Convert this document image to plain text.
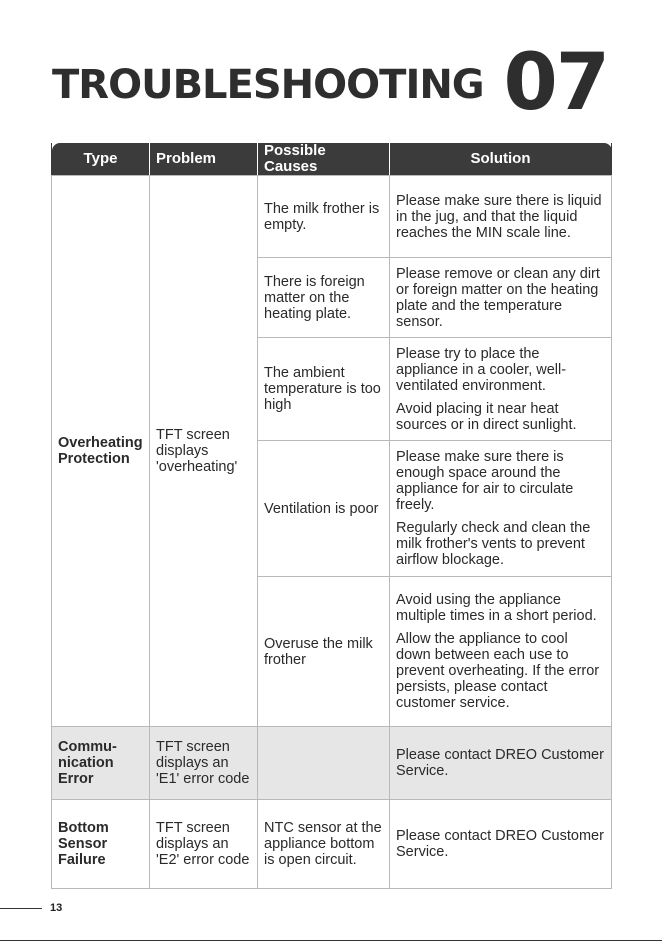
TROUBLESHOOTING 07
Type	Problem	Possible Causes	Solution
Overheating Protection	TFT screen displays 'overheating'	The milk frother is empty.	Please make sure there is liquid in the jug, and that the liquid reaches the MIN scale line.

		There is foreign matter on the heating plate.	Please remove or clean any dirt or foreign matter on the heating plate and the temperature sensor.

		The ambient temperature is too high	Please try to place the appliance in a cooler, well-ventilated environment.

Avoid placing it near heat sources or in direct sunlight.

		Ventilation is poor	Please make sure there is enough space around the appliance for air to circulate freely.

Regularly check and clean the milk frother's vents to prevent airflow blockage.

		Overuse the milk frother	Avoid using the appliance multiple times in a short period.

Allow the appliance to cool down between each use to prevent overheating. If the error persists, please contact customer service.

Commu-nication Error	TFT screen displays an 'E1' error code		Please contact DREO Customer Service.

Bottom Sensor Failure	TFT screen displays an 'E2' error code	NTC sensor at the appliance bottom is open circuit.	Please contact DREO Customer Service.

13
